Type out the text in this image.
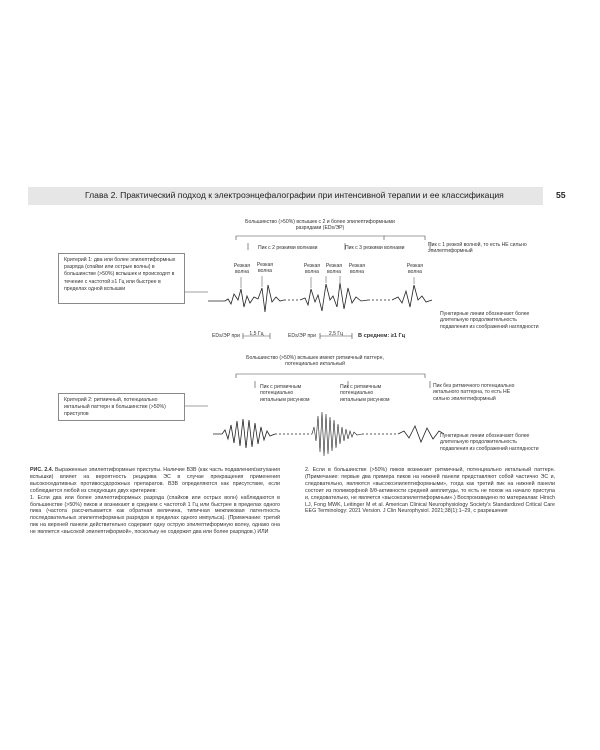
Глава 2. Практический подход к электроэнцефалографии при интенсивной терапии и ее классификация	55
Большинство (>50%) вспышек с 2 и более эпилептиформными разрядами (EDs/ЭР)
Критерий 1: два или более эпилептиформных разряда (спайки или острые волны) в большинстве (>50%) вспышек и происходят в течение с частотой ≥1 Гц или быстрее в пределах одной вспышки
Пик с 2 резкими волнами	Пик с 3 резкими волнами	Пик с 1 резкой волной, то есть НЕ сильно эпилептиформный
Резкая волна
Резкая волна
Резкая волна
Резкая волна
Резкая волна
Резкая волна
EDs/ЭР при	1,5 Гц	EDs/ЭР при	2,5 Гц	В среднем: ≥1 Гц
Пунктирные линии обозначают более длительную продолжительность подавления из соображений наглядности
Большинство (>50%) вспышек имеют ритмичный паттерн, потенциально иктальный
Критерий 2: ритмичный, потенциально иктальный паттерн в большинстве (>50%) приступов
Пик с ритмичным потенциально иктальным рисунком
Пик с ритмичным потенциально иктальным рисунком
Пик без ритмичного потенциально иктального паттерна, то есть НЕ сильно эпилептиформный
Пунктирные линии обозначают более длительную продолжительность подавления из соображений наглядности

РИС. 2.4. Выраженные эпилептиформные приступы. Наличие ВЗВ (как часть подавления/затухания вспышки) влияет на вероятность рецидива ЭС в случае прекращения применения высокоседативных противосудорожных препаратов. ВЗВ определяются как присутствие, если соблюдается любой из следующих двух критериев:

1. Если два или более эпилептиформных разряда (спайков или острых волн) наблюдаются в большинстве (>50%) пиков и возникают в среднем с частотой 1 Гц или быстрее в пределах одного пика (частота рассчитывается как обратная величина, типичная межпиковая латентность последовательных эпилептиформных разрядов в пределах одного импульса). (Примечание: третий пик на верхней панели действительно содержит одну острую эпилептиформную волну, однако она не является «высокой эпилептиформой», поскольку не содержит два или более разрядов.) ИЛИ

2. Если в большинстве (>50%) пиков возникает ритмичный, потенциально иктальный паттерн. (Примечание: первые два примера пиков на нижней панели представляют собой частично ЭС и, следовательно, являются «высокоэпилептиформными», тогда как третий пик на нижней панели состоит из полиморфной δ/θ-активности средней амплитуды, то есть не похож на начало приступа и, следовательно, не является «высокоэпилептиформным».) Воспроизведено по материалам: Hirsch LJ, Fong MWK, Leitinger M et al. American Clinical Neurophysiology Society's Standardized Critical Care EEG Terminology: 2021 Version. J Clin Neurophysiol. 2021;38(1):1–29, с разрешения
